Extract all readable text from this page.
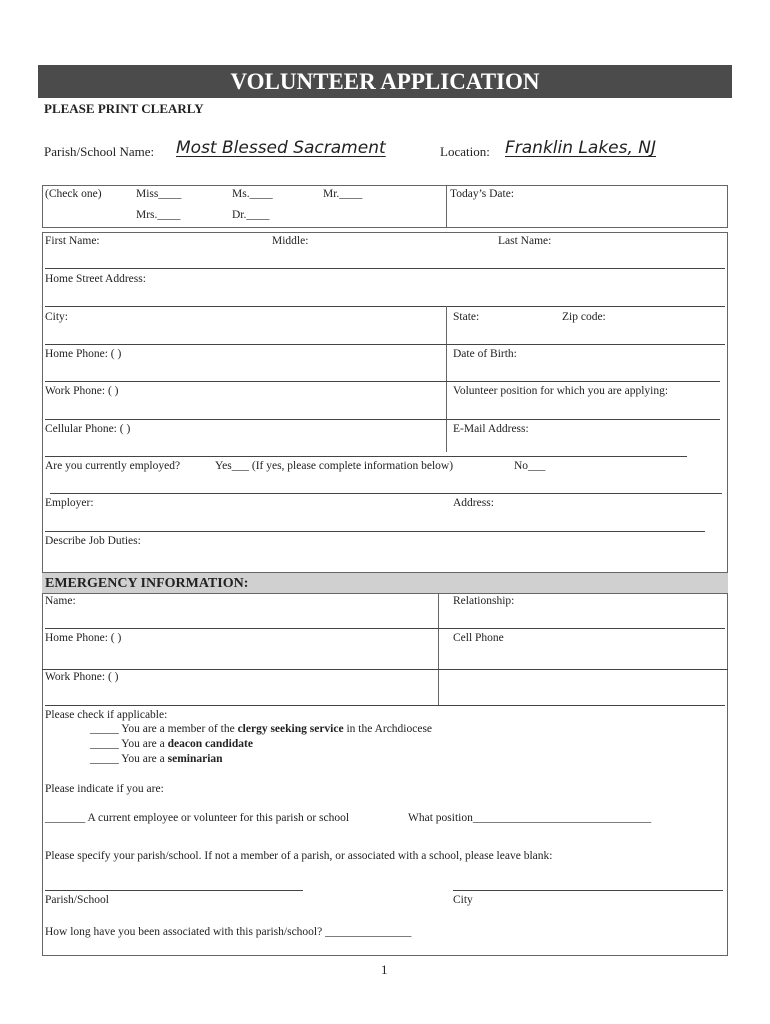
VOLUNTEER APPLICATION
PLEASE PRINT CLEARLY
Parish/School Name: Most Blessed Sacrament	Location: Franklin Lakes, NJ
(Check one)	Miss____	Ms.____	Mr.____
Mrs.____	Dr.____
Today’s Date:
First Name:	Middle:	Last Name:
Home Street Address:
City:	State:	Zip code:
Home Phone: ( )	Date of Birth:
Work Phone: ( )	Volunteer position for which you are applying:
Cellular Phone: ( )	E-Mail Address:
Are you currently employed?	Yes___ (If yes, please complete information below)	No___
Employer:	Address:
Describe Job Duties:
EMERGENCY INFORMATION:
Name:	Relationship:
Home Phone: ( )	Cell Phone
Work Phone: ( )
Please check if applicable:
_____ You are a member of the clergy seeking service in the Archdiocese
_____ You are a deacon candidate
_____ You are a seminarian
Please indicate if you are:
_______ A current employee or volunteer for this parish or school	What position_______________________________
Please specify your parish/school. If not a member of a parish, or associated with a school, please leave blank:
Parish/School	City
How long have you been associated with this parish/school? _______________
1
